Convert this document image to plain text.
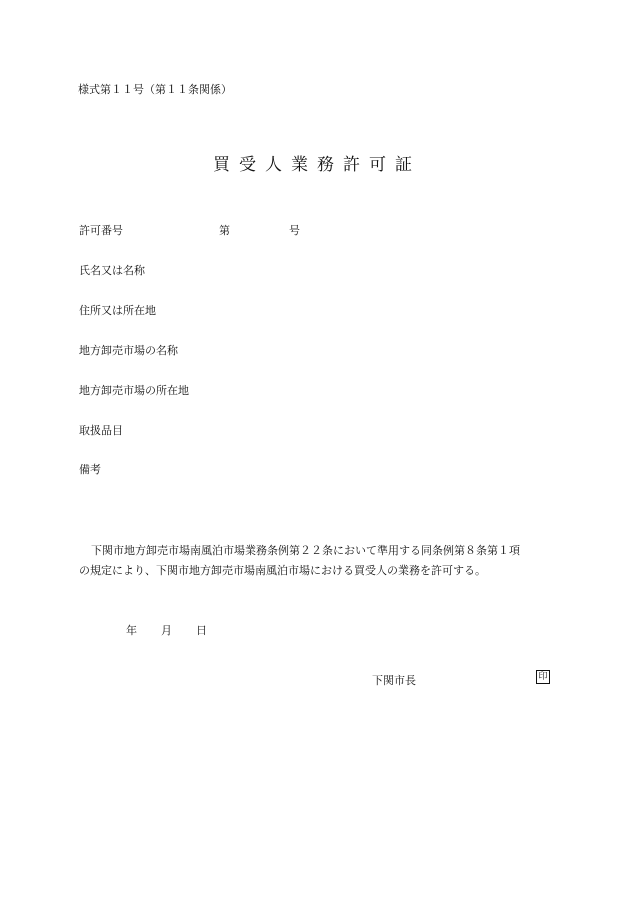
様式第１１号（第１１条関係）
買受人業務許可証
許可番号	第	号
氏名又は名称
住所又は所在地
地方卸売市場の名称
地方卸売市場の所在地
取扱品目
備考
下関市地方卸売市場南風泊市場業務条例第２２条において準用する同条例第８条第１項
の規定により、下関市地方卸売市場南風泊市場における買受人の業務を許可する。
年 月 日
下関市長	印
